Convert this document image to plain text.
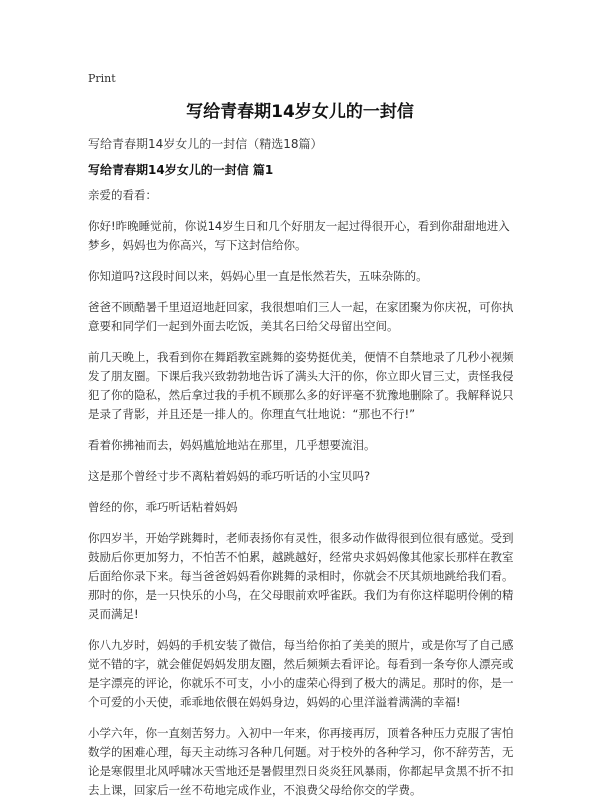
Print
写给青春期14岁女儿的一封信
写给青春期14岁女儿的一封信（精选18篇）
写给青春期14岁女儿的一封信 篇1

亲爱的看看：

你好!昨晚睡觉前，你说14岁生日和几个好朋友一起过得很开心，看到你甜甜地进入梦乡，妈妈也为你高兴，写下这封信给你。

你知道吗?这段时间以来，妈妈心里一直是怅然若失，五味杂陈的。

爸爸不顾酷暑千里迢迢地赶回家，我很想咱们三人一起，在家团聚为你庆祝，可你执意要和同学们一起到外面去吃饭，美其名曰给父母留出空间。

前几天晚上，我看到你在舞蹈教室跳舞的姿势挺优美，便情不自禁地录了几秒小视频发了朋友圈。下课后我兴致勃勃地告诉了满头大汗的你，你立即火冒三丈，责怪我侵犯了你的隐私，然后拿过我的手机不顾那么多的好评毫不犹豫地删除了。我解释说只是录了背影，并且还是一排人的。你理直气壮地说：“那也不行!”

看着你拂袖而去，妈妈尴尬地站在那里，几乎想要流泪。

这是那个曾经寸步不离粘着妈妈的乖巧听话的小宝贝吗?

曾经的你，乖巧听话粘着妈妈

你四岁半，开始学跳舞时，老师表扬你有灵性，很多动作做得很到位很有感觉。受到鼓励后你更加努力，不怕苦不怕累，越跳越好，经常央求妈妈像其他家长那样在教室后面给你录下来。每当爸爸妈妈看你跳舞的录相时，你就会不厌其烦地跳给我们看。那时的你，是一只快乐的小鸟，在父母眼前欢呼雀跃。我们为有你这样聪明伶俐的精灵而满足!

你八九岁时，妈妈的手机安装了微信，每当给你拍了美美的照片，或是你写了自己感觉不错的字，就会催促妈妈发朋友圈，然后频频去看评论。每看到一条夸你人漂亮或是字漂亮的评论，你就乐不可支，小小的虚荣心得到了极大的满足。那时的你，是一个可爱的小天使，乖乖地依偎在妈妈身边，妈妈的心里洋溢着满满的幸福!

小学六年，你一直刻苦努力。入初中一年来，你再接再厉，顶着各种压力克服了害怕数学的困难心理，每天主动练习各种几何题。对于校外的各种学习，你不辞劳苦，无论是寒假里北风呼啸冰天雪地还是暑假里烈日炎炎狂风暴雨，你都起早贪黑不折不扣去上课，回家后一丝不苟地完成作业，不浪费父母给你交的学费。
